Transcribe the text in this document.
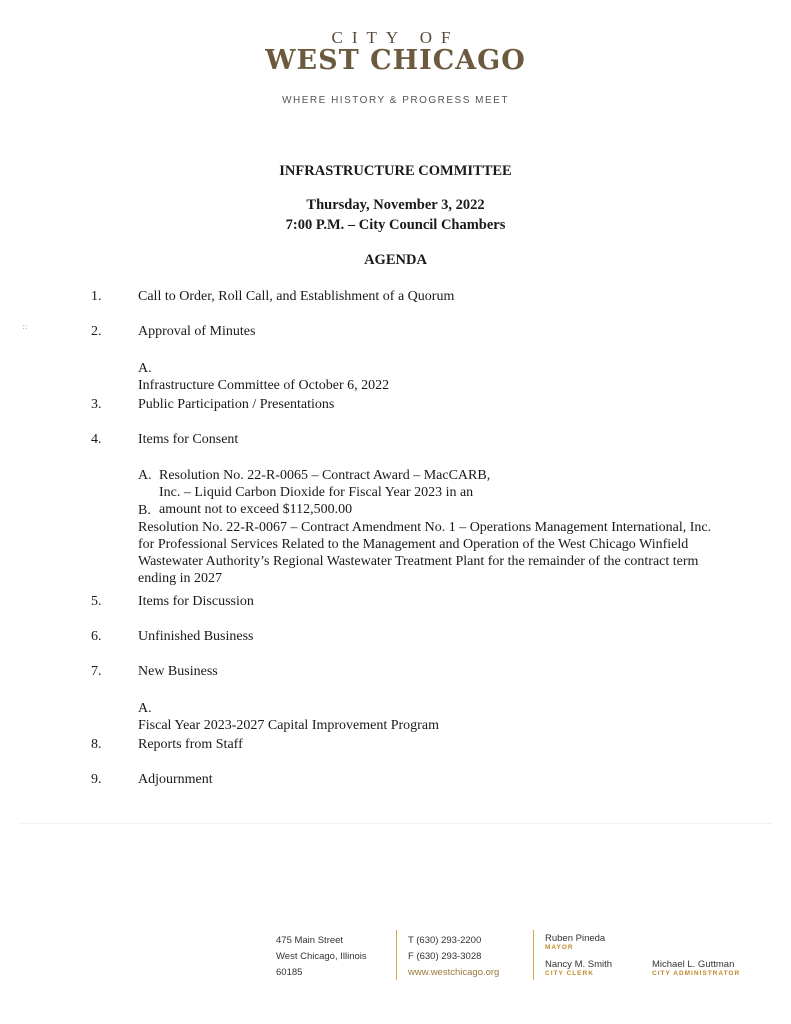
CITY OF
WEST CHICAGO
WHERE HISTORY & PROGRESS MEET
::
INFRASTRUCTURE COMMITTEE
Thursday, November 3, 2022
7:00 P.M. – City Council Chambers
AGENDA
1.	Call to Order, Roll Call, and Establishment of a Quorum
2.	Approval of Minutes
A.Infrastructure Committee of October 6, 2022
3.	Public Participation / Presentations
4.	Items for Consent
A. Resolution No. 22-R-0065 – Contract Award – MacCARB, Inc. – Liquid Carbon Dioxide for Fiscal Year 2023 in an amount not to exceed $112,500.00
B.Resolution No. 22-R-0067 – Contract Amendment No. 1 – Operations Management International, Inc. for Professional Services Related to the Management and Operation of the West Chicago Winfield Wastewater Authority’s Regional Wastewater Treatment Plant for the remainder of the contract term ending in 2027
5.	Items for Discussion
6.	Unfinished Business
7.	New Business
A.Fiscal Year 2023-2027 Capital Improvement Program
8.	Reports from Staff
9.	Adjournment
475 Main Street
West Chicago, Illinois
60185
T (630) 293-2200
F (630) 293-3028
www.westchicago.org
Ruben Pineda
MAYOR
Nancy M. Smith
CITY CLERK
Michael L. Guttman
CITY ADMINISTRATOR
